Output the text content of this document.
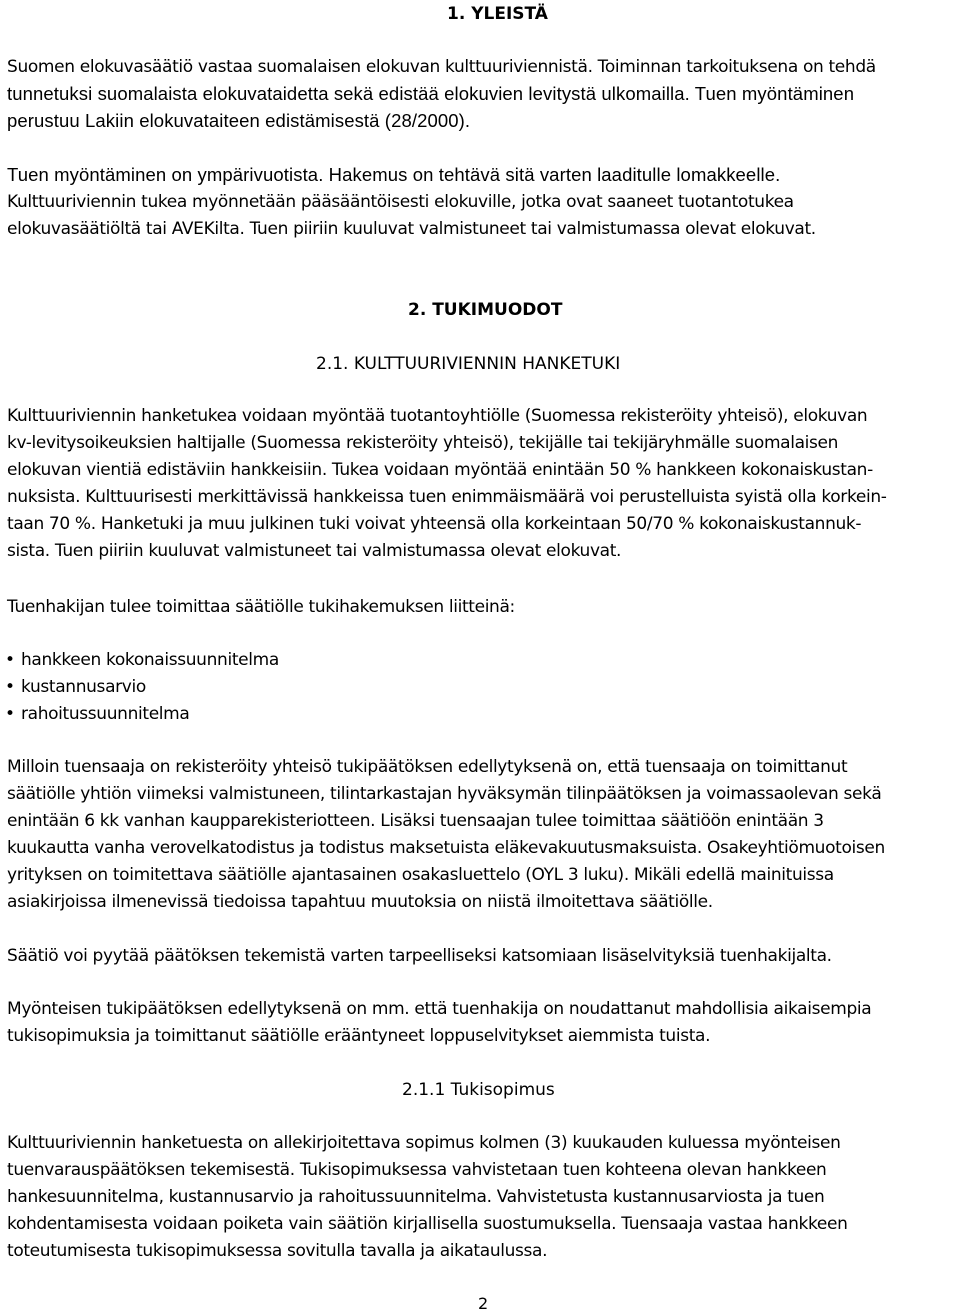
1. YLEISTÄ
Suomen elokuvasäätiö vastaa suomalaisen elokuvan kulttuuriviennistä. Toiminnan tarkoituksena on tehdä
tunnetuksi suomalaista elokuvataidetta sekä edistää elokuvien levitystä ulkomailla. Tuen myöntäminen
perustuu Lakiin elokuvataiteen edistämisestä (28/2000).
Tuen myöntäminen on ympärivuotista. Hakemus on tehtävä sitä varten laaditulle lomakkeelle.
Kulttuuriviennin tukea myönnetään pääsääntöisesti elokuville, jotka ovat saaneet tuotantotukea
elokuvasäätiöltä tai AVEKilta. Tuen piiriin kuuluvat valmistuneet tai valmistumassa olevat elokuvat.
2. TUKIMUODOT
2.1. KULTTUURIVIENNIN HANKETUKI
Kulttuuriviennin hanketukea voidaan myöntää tuotantoyhtiölle (Suomessa rekisteröity yhteisö), elokuvan
kv-levitysoikeuksien haltijalle (Suomessa rekisteröity yhteisö), tekijälle tai tekijäryhmälle suomalaisen
elokuvan vientiä edistäviin hankkeisiin. Tukea voidaan myöntää enintään 50 % hankkeen kokonaiskustan-
nuksista. Kulttuurisesti merkittävissä hankkeissa tuen enimmäismäärä voi perustelluista syistä olla korkein-
taan 70 %. Hanketuki ja muu julkinen tuki voivat yhteensä olla korkeintaan 50/70 % kokonaiskustannuk-
sista. Tuen piiriin kuuluvat valmistuneet tai valmistumassa olevat elokuvat.
Tuenhakijan tulee toimittaa säätiölle tukihakemuksen liitteinä:
• hankkeen kokonaissuunnitelma
• kustannusarvio
• rahoitussuunnitelma
Milloin tuensaaja on rekisteröity yhteisö tukipäätöksen edellytyksenä on, että tuensaaja on toimittanut
säätiölle yhtiön viimeksi valmistuneen, tilintarkastajan hyväksymän tilinpäätöksen ja voimassaolevan sekä
enintään 6 kk vanhan kaupparekisteriotteen. Lisäksi tuensaajan tulee toimittaa säätiöön enintään 3
kuukautta vanha verovelkatodistus ja todistus maksetuista eläkevakuutusmaksuista. Osakeyhtiömuotoisen
yrityksen on toimitettava säätiölle ajantasainen osakasluettelo (OYL 3 luku). Mikäli edellä mainituissa
asiakirjoissa ilmenevissä tiedoissa tapahtuu muutoksia on niistä ilmoitettava säätiölle.
Säätiö voi pyytää päätöksen tekemistä varten tarpeelliseksi katsomiaan lisäselvityksiä tuenhakijalta.
Myönteisen tukipäätöksen edellytyksenä on mm. että tuenhakija on noudattanut mahdollisia aikaisempia
tukisopimuksia ja toimittanut säätiölle erääntyneet loppuselvitykset aiemmista tuista.
2.1.1 Tukisopimus
Kulttuuriviennin hanketuesta on allekirjoitettava sopimus kolmen (3) kuukauden kuluessa myönteisen
tuenvarauspäätöksen tekemisestä. Tukisopimuksessa vahvistetaan tuen kohteena olevan hankkeen
hankesuunnitelma, kustannusarvio ja rahoitussuunnitelma. Vahvistetusta kustannusarviosta ja tuen
kohdentamisesta voidaan poiketa vain säätiön kirjallisella suostumuksella. Tuensaaja vastaa hankkeen
toteutumisesta tukisopimuksessa sovitulla tavalla ja aikataulussa.
2
